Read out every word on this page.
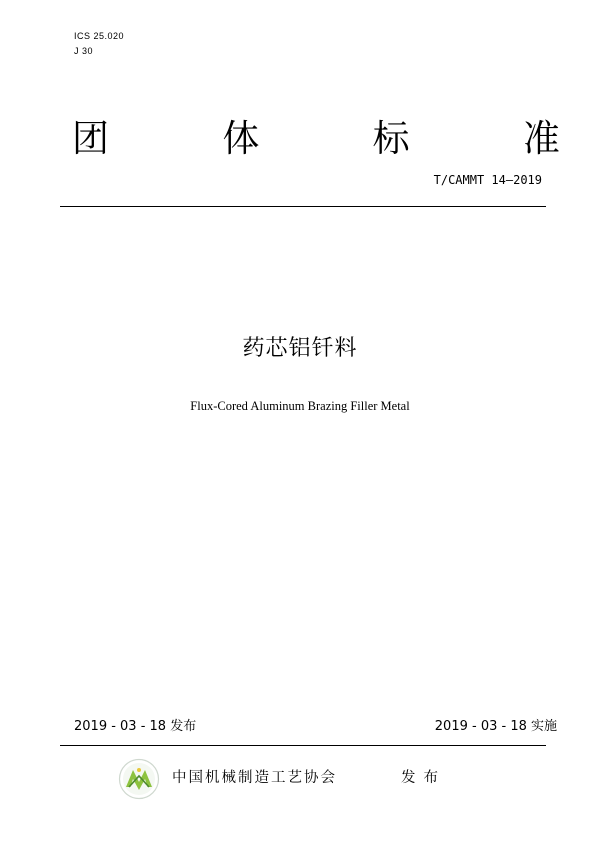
ICS 25.020
J 30
团	体	标	准
T/CAMMT 14—2019
药芯铝钎料
Flux-Cored Aluminum Brazing Filler Metal
2019 - 03 - 18 发布	2019 - 03 - 18 实施
中国机械制造工艺协会	发布
